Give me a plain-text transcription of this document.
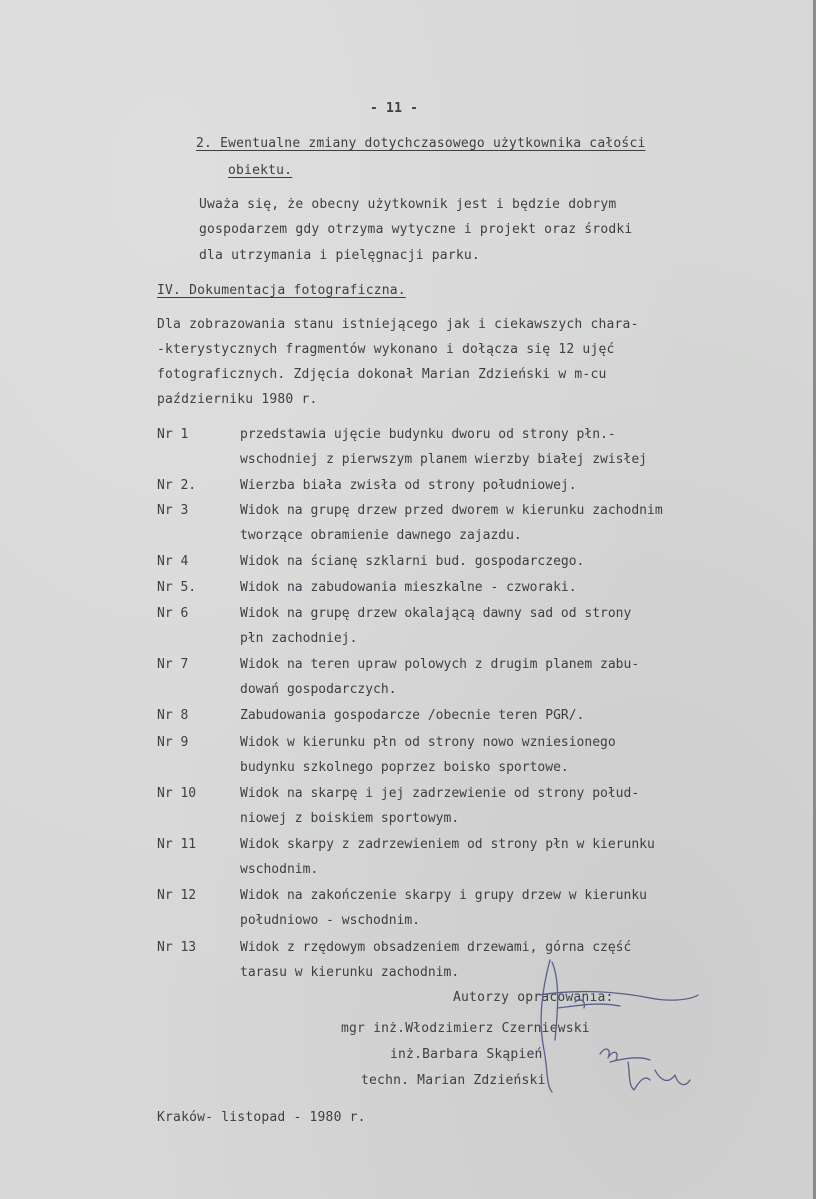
- 11 -
2. Ewentualne zmiany dotychczasowego użytkownika całości
obiektu.
Uważa się, że obecny użytkownik jest i będzie dobrym
gospodarzem gdy otrzyma wytyczne i projekt oraz środki
dla utrzymania i pielęgnacji parku.
IV. Dokumentacja fotograficzna.
Dla zobrazowania stanu istniejącego jak i ciekawszych chara-
-kterystycznych fragmentów wykonano i dołącza się 12 ujęć
fotograficznych. Zdjęcia dokonał Marian Zdzieński w m-cu
październiku 1980 r.
Nr 1	przedstawia ujęcie budynku dworu od strony płn.-
wschodniej z pierwszym planem wierzby białej zwisłej
Nr 2.	Wierzba biała zwisła od strony południowej.
Nr 3	Widok na grupę drzew przed dworem w kierunku zachodnim
tworzące obramienie dawnego zajazdu.
Nr 4	Widok na ścianę szklarni bud. gospodarczego.
Nr 5.	Widok na zabudowania mieszkalne - czworaki.
Nr 6	Widok na grupę drzew okalającą dawny sad od strony
płn zachodniej.
Nr 7	Widok na teren upraw polowych z drugim planem zabu-
dowań gospodarczych.
Nr 8	Zabudowania gospodarcze /obecnie teren PGR/.
Nr 9	Widok w kierunku płn od strony nowo wzniesionego
budynku szkolnego poprzez boisko sportowe.
Nr 10	Widok na skarpę i jej zadrzewienie od strony połud-
niowej z boiskiem sportowym.
Nr 11	Widok skarpy z zadrzewieniem od strony płn w kierunku
wschodnim.
Nr 12	Widok na zakończenie skarpy i grupy drzew w kierunku
południowo - wschodnim.
Nr 13	Widok z rzędowym obsadzeniem drzewami, górna część
tarasu w kierunku zachodnim.
Autorzy opracowania:
mgr inż.Włodzimierz Czerniewski
inż.Barbara Skąpień
techn. Marian Zdzieński
Kraków- listopad - 1980 r.
